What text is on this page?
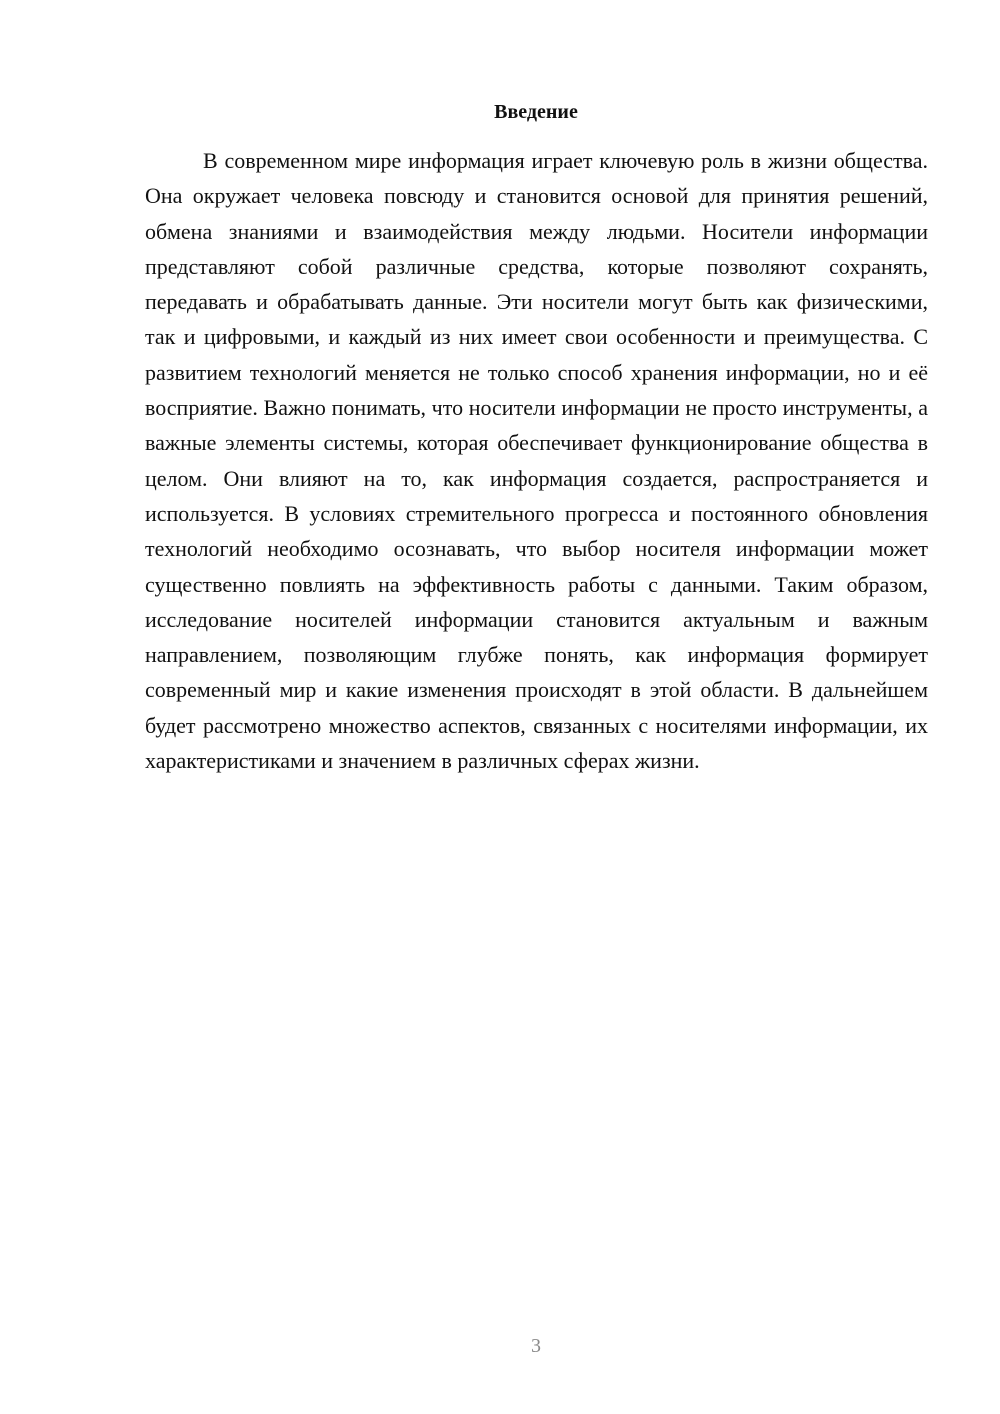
Введение

В современном мире информация играет ключевую роль в жизни общества. Она окружает человека повсюду и становится основой для принятия решений, обмена знаниями и взаимодействия между людьми. Носители информации представляют собой различные средства, которые позволяют сохранять, передавать и обрабатывать данные. Эти носители могут быть как физическими, так и цифровыми, и каждый из них имеет свои особенности и преимущества. С развитием технологий меняется не только способ хранения информации, но и её восприятие. Важно понимать, что носители информации не просто инструменты, а важные элементы системы, которая обеспечивает функционирование общества в целом. Они влияют на то, как информация создается, распространяется и используется. В условиях стремительного прогресса и постоянного обновления технологий необходимо осознавать, что выбор носителя информации может существенно повлиять на эффективность работы с данными. Таким образом, исследование носителей информации становится актуальным и важным направлением, позволяющим глубже понять, как информация формирует современный мир и какие изменения происходят в этой области. В дальнейшем будет рассмотрено множество аспектов, связанных с носителями информации, их характеристиками и значением в различных сферах жизни.

3
